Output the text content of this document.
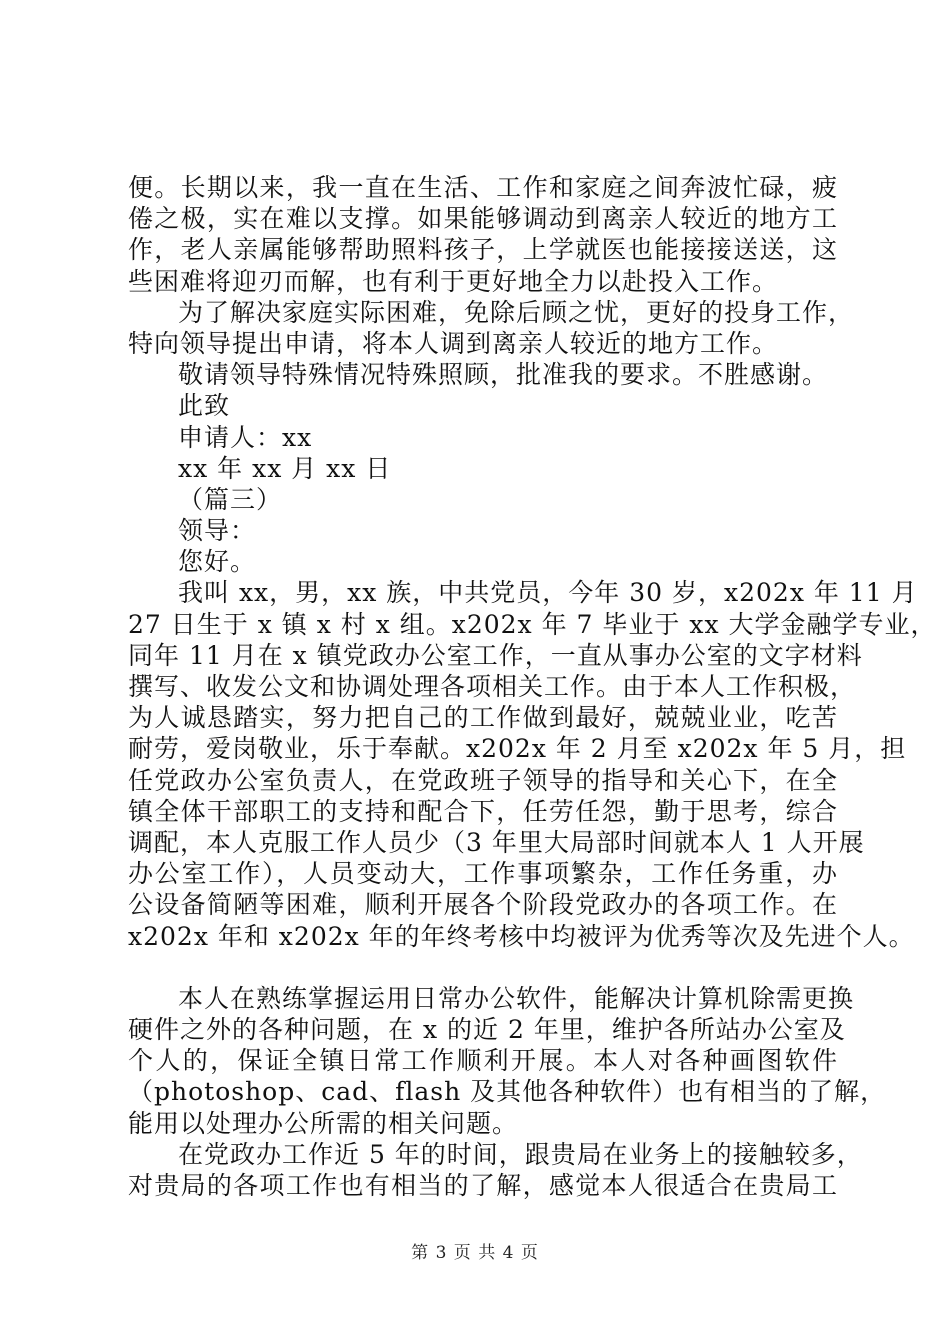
便。长期以来，我一直在生活、工作和家庭之间奔波忙碌，疲
倦之极，实在难以支撑。如果能够调动到离亲人较近的地方工
作，老人亲属能够帮助照料孩子，上学就医也能接接送送，这
些困难将迎刃而解，也有利于更好地全力以赴投入工作。
为了解决家庭实际困难，免除后顾之忧，更好的投身工作，
特向领导提出申请，将本人调到离亲人较近的地方工作。
敬请领导特殊情况特殊照顾，批准我的要求。不胜感谢。
此致
申请人：xx
xx 年 xx 月 xx 日
（篇三）
领导：
您好。
我叫 xx，男，xx 族，中共党员，今年 30 岁，x202x 年 11 月
27 日生于 x 镇 x 村 x 组。x202x 年 7 毕业于 xx 大学金融学专业，
同年 11 月在 x 镇党政办公室工作，一直从事办公室的文字材料
撰写、收发公文和协调处理各项相关工作。由于本人工作积极，
为人诚恳踏实，努力把自己的工作做到最好，兢兢业业，吃苦
耐劳，爱岗敬业，乐于奉献。x202x 年 2 月至 x202x 年 5 月，担
任党政办公室负责人，在党政班子领导的指导和关心下，在全
镇全体干部职工的支持和配合下，任劳任怨，勤于思考，综合
调配，本人克服工作人员少（3 年里大局部时间就本人 1 人开展
办公室工作），人员变动大，工作事项繁杂，工作任务重，办
公设备简陋等困难，顺利开展各个阶段党政办的各项工作。在
x202x 年和 x202x 年的年终考核中均被评为优秀等次及先进个人。

本人在熟练掌握运用日常办公软件，能解决计算机除需更换
硬件之外的各种问题，在 x 的近 2 年里，维护各所站办公室及
个人的，保证全镇日常工作顺利开展。本人对各种画图软件
（photoshop、cad、flash 及其他各种软件）也有相当的了解，
能用以处理办公所需的相关问题。
在党政办工作近 5 年的时间，跟贵局在业务上的接触较多，
对贵局的各项工作也有相当的了解，感觉本人很适合在贵局工
第 3 页 共 4 页
